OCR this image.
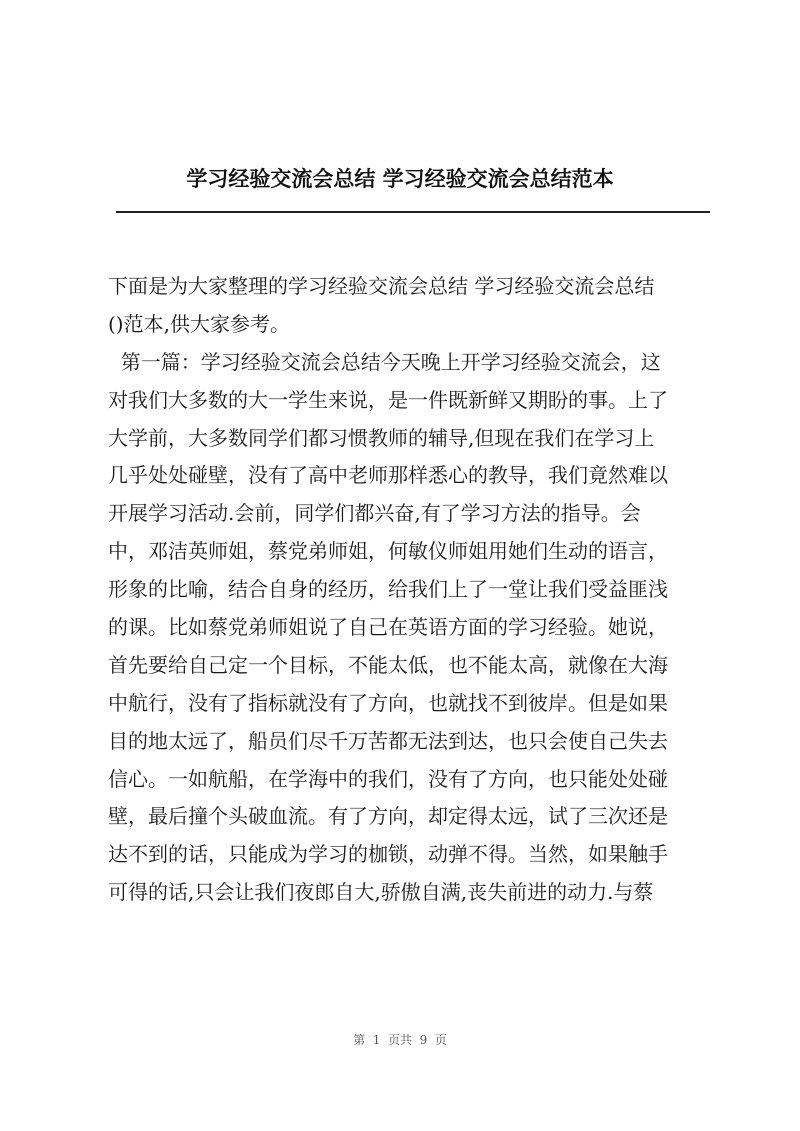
学习经验交流会总结 学习经验交流会总结范本
下面是为大家整理的学习经验交流会总结 学习经验交流会总结
()范本,供大家参考。
第一篇：学习经验交流会总结今天晚上开学习经验交流会，这
对我们大多数的大一学生来说，是一件既新鲜又期盼的事。上了
大学前，大多数同学们都习惯教师的辅导,但现在我们在学习上
几乎处处碰壁，没有了高中老师那样悉心的教导，我们竟然难以
开展学习活动.会前，同学们都兴奋,有了学习方法的指导。会
中，邓洁英师姐，蔡党弟师姐，何敏仪师姐用她们生动的语言，
形象的比喻，结合自身的经历，给我们上了一堂让我们受益匪浅
的课。比如蔡党弟师姐说了自己在英语方面的学习经验。她说，
首先要给自己定一个目标，不能太低，也不能太高，就像在大海
中航行，没有了指标就没有了方向，也就找不到彼岸。但是如果
目的地太远了，船员们尽千万苦都无法到达，也只会使自己失去
信心。一如航船，在学海中的我们，没有了方向，也只能处处碰
壁，最后撞个头破血流。有了方向，却定得太远，试了三次还是
达不到的话，只能成为学习的枷锁，动弹不得。当然，如果触手
可得的话,只会让我们夜郎自大,骄傲自满,丧失前进的动力.与蔡
第  1  页共  9  页
